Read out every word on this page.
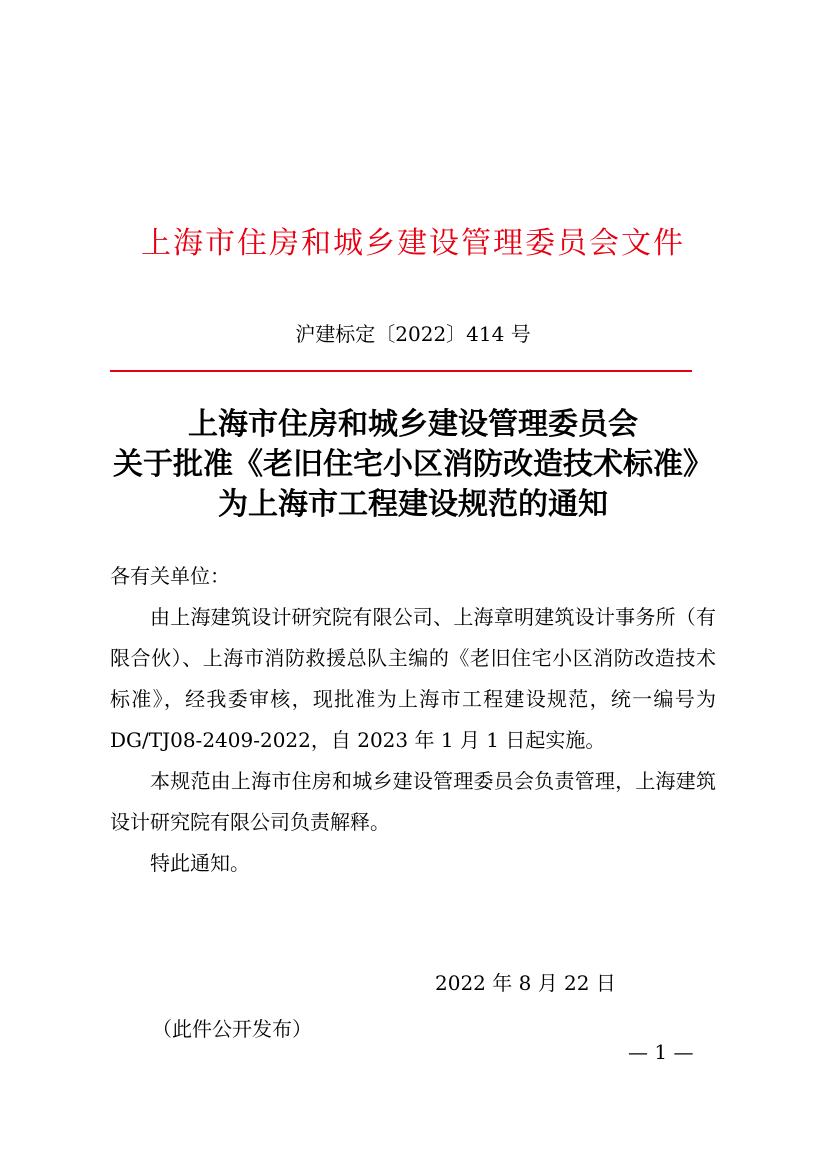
上海市住房和城乡建设管理委员会文件
沪建标定〔2022〕414 号
上海市住房和城乡建设管理委员会
关于批准《老旧住宅小区消防改造技术标准》
为上海市工程建设规范的通知

各有关单位：

由上海建筑设计研究院有限公司、上海章明建筑设计事务所（有限合伙）、上海市消防救援总队主编的《老旧住宅小区消防改造技术标准》，经我委审核，现批准为上海市工程建设规范，统一编号为 DG/TJ08-2409-2022，自 2023 年 1 月 1 日起实施。

本规范由上海市住房和城乡建设管理委员会负责管理，上海建筑设计研究院有限公司负责解释。

特此通知。

2022 年 8 月 22 日
（此件公开发布）
— 1 —
